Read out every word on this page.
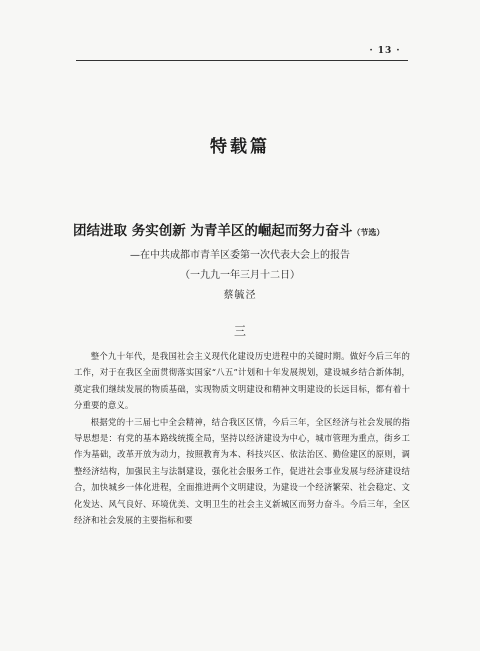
· 13 ·
特载篇
团结进取 务实创新 为青羊区的崛起而努力奋斗（节选）
—在中共成都市青羊区委第一次代表大会上的报告
（一九九一年三月十二日）
蔡毓泾
三

整个九十年代，是我国社会主义现代化建设历史进程中的关键时期。做好今后三年的工作，对于在我区全面贯彻落实国家“八五”计划和十年发展规划，建设城乡结合新体制，奠定我们继续发展的物质基础，实现物质文明建设和精神文明建设的长远目标，都有着十分重要的意义。

根据党的十三届七中全会精神，结合我区区情，今后三年，全区经济与社会发展的指导思想是：有党的基本路线统揽全局，坚持以经济建设为中心，城市管理为重点，街乡工作为基础，改革开放为动力，按照教育为本、科技兴区、依法治区、勤俭建区的原则，调整经济结构，加强民主与法制建设，强化社会服务工作，促进社会事业发展与经济建设结合，加快城乡一体化进程，全面推进两个文明建设，为建设一个经济繁荣、社会稳定、文化发达、风气良好、环境优美、文明卫生的社会主义新城区而努力奋斗。今后三年，全区经济和社会发展的主要指标和要
